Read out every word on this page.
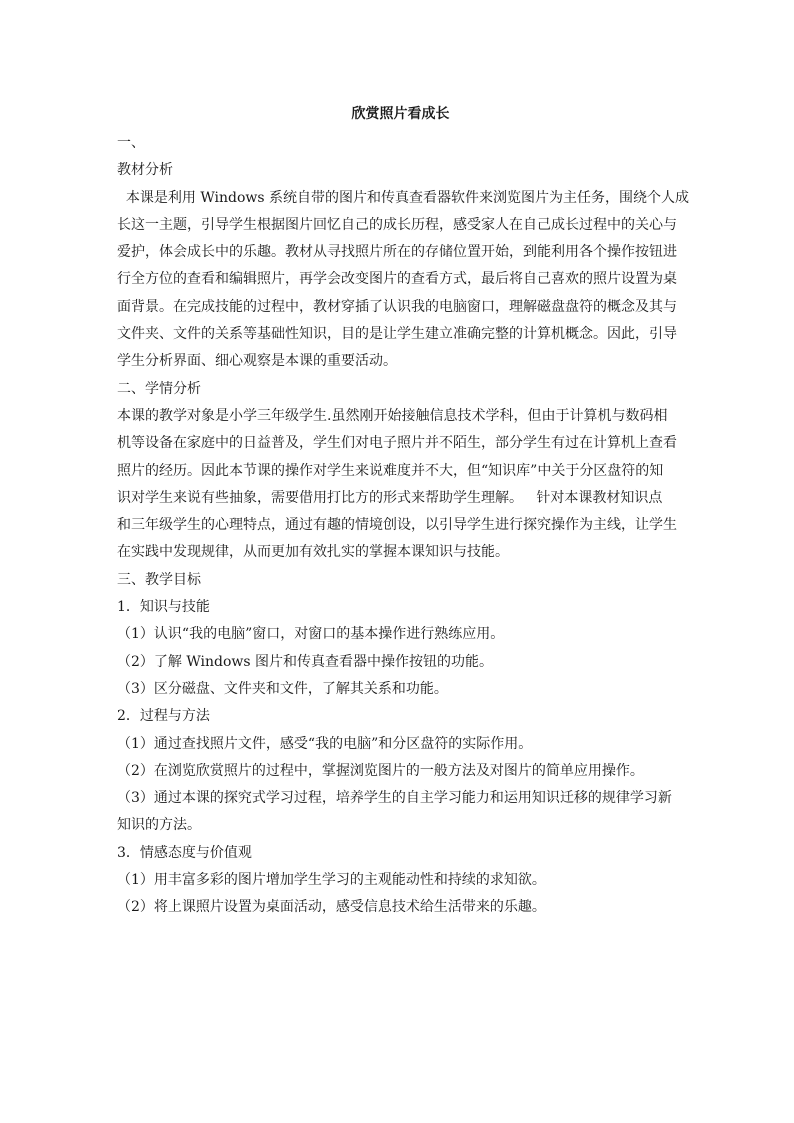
欣赏照片看成长
一、
教材分析
本课是利用 Windows 系统自带的图片和传真查看器软件来浏览图片为主任务，围绕个人成
长这一主题，引导学生根据图片回忆自己的成长历程，感受家人在自己成长过程中的关心与
爱护，体会成长中的乐趣。教材从寻找照片所在的存储位置开始，到能利用各个操作按钮进
行全方位的查看和编辑照片，再学会改变图片的查看方式，最后将自己喜欢的照片设置为桌
面背景。在完成技能的过程中，教材穿插了认识我的电脑窗口，理解磁盘盘符的概念及其与
文件夹、文件的关系等基础性知识，目的是让学生建立准确完整的计算机概念。因此，引导
学生分析界面、细心观察是本课的重要活动。
二、学情分析
本课的教学对象是小学三年级学生.虽然刚开始接触信息技术学科，但由于计算机与数码相
机等设备在家庭中的日益普及，学生们对电子照片并不陌生，部分学生有过在计算机上查看
照片的经历。因此本节课的操作对学生来说难度并不大，但“知识库”中关于分区盘符的知
识对学生来说有些抽象，需要借用打比方的形式来帮助学生理解。   针对本课教材知识点
和三年级学生的心理特点，通过有趣的情境创设，以引导学生进行探究操作为主线，让学生
在实践中发现规律，从而更加有效扎实的掌握本课知识与技能。
三、教学目标
1．知识与技能
（1）认识“我的电脑”窗口，对窗口的基本操作进行熟练应用。
（2）了解 Windows 图片和传真查看器中操作按钮的功能。
（3）区分磁盘、文件夹和文件，了解其关系和功能。
2．过程与方法
（1）通过查找照片文件，感受“我的电脑”和分区盘符的实际作用。
（2）在浏览欣赏照片的过程中，掌握浏览图片的一般方法及对图片的简单应用操作。
（3）通过本课的探究式学习过程，培养学生的自主学习能力和运用知识迁移的规律学习新
知识的方法。
3．情感态度与价值观
（1）用丰富多彩的图片增加学生学习的主观能动性和持续的求知欲。
（2）将上课照片设置为桌面活动，感受信息技术给生活带来的乐趣。
